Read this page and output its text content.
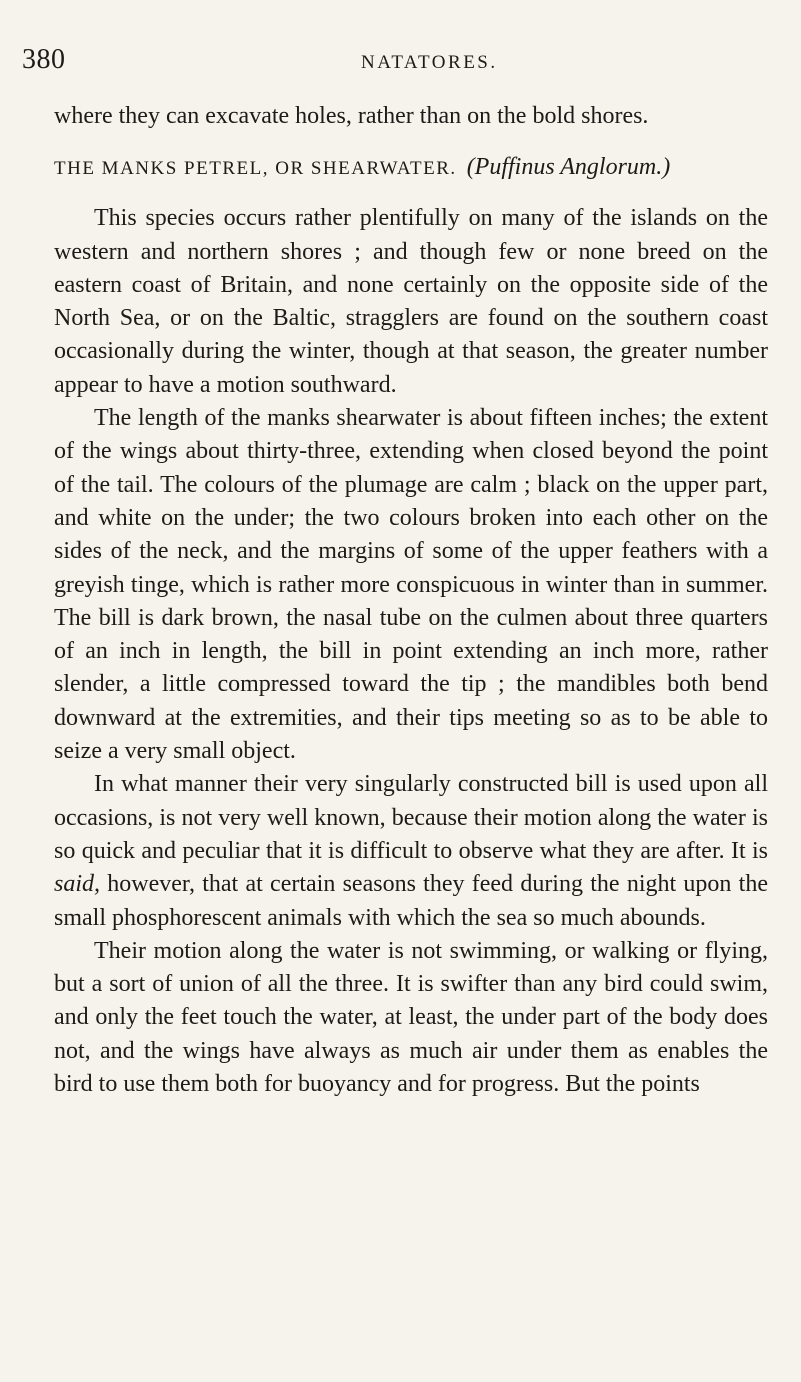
380	NATATORES.

where they can excavate holes, rather than on the bold shores.

THE MANKS PETREL, OR SHEARWATER. (Puffinus Anglorum.)

This species occurs rather plentifully on many of the islands on the western and northern shores ; and though few or none breed on the eastern coast of Britain, and none certainly on the opposite side of the North Sea, or on the Baltic, stragglers are found on the southern coast occasionally during the winter, though at that season, the greater number appear to have a motion southward.

The length of the manks shearwater is about fifteen inches; the extent of the wings about thirty-three, extending when closed beyond the point of the tail. The colours of the plumage are calm ; black on the upper part, and white on the under; the two colours broken into each other on the sides of the neck, and the margins of some of the upper feathers with a greyish tinge, which is rather more conspicuous in winter than in summer. The bill is dark brown, the nasal tube on the culmen about three quarters of an inch in length, the bill in point extending an inch more, rather slender, a little compressed toward the tip ; the mandibles both bend downward at the extremities, and their tips meeting so as to be able to seize a very small object.

In what manner their very singularly constructed bill is used upon all occasions, is not very well known, because their motion along the water is so quick and peculiar that it is difficult to observe what they are after. It is said, however, that at certain seasons they feed during the night upon the small phosphorescent animals with which the sea so much abounds.

Their motion along the water is not swimming, or walking or flying, but a sort of union of all the three. It is swifter than any bird could swim, and only the feet touch the water, at least, the under part of the body does not, and the wings have always as much air under them as enables the bird to use them both for buoyancy and for progress. But the points
